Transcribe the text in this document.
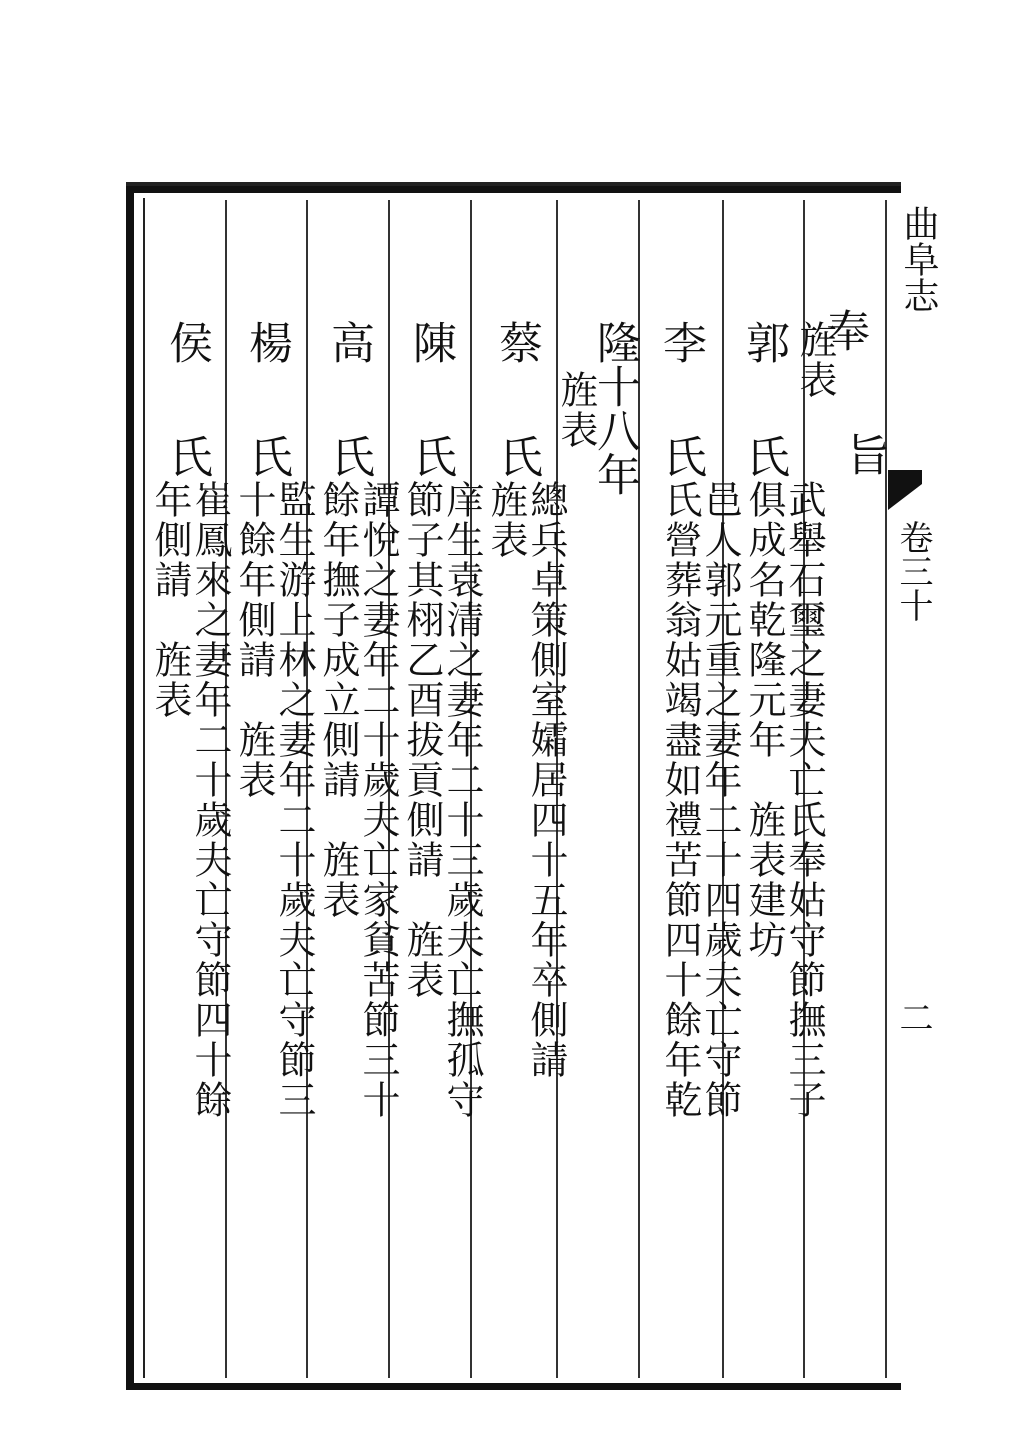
曲阜志
卷三十
二
奉
旌表
旨
郭
氏
武舉石璽之妻夫亡氏奉姑守節撫三子
俱成名乾隆元年　旌表建坊
李
氏
邑人郭元重之妻年二十四歲夫亡守節
氏營葬翁姑竭盡如禮苦節四十餘年乾
隆十八年
旌表
蔡
氏
總兵卓策側室孀居四十五年卒側請
旌表
陳
氏
庠生袁清之妻年二十三歲夫亡撫孤守
節子其栩乙酉拔貢側請　旌表
高
氏
譚悅之妻年二十歲夫亡家貧苦節三十
餘年撫子成立側請　旌表
楊
氏
監生游上林之妻年二十歲夫亡守節三
十餘年側請　旌表
侯
氏
崔鳳來之妻年二十歲夫亡守節四十餘
年側請　旌表
